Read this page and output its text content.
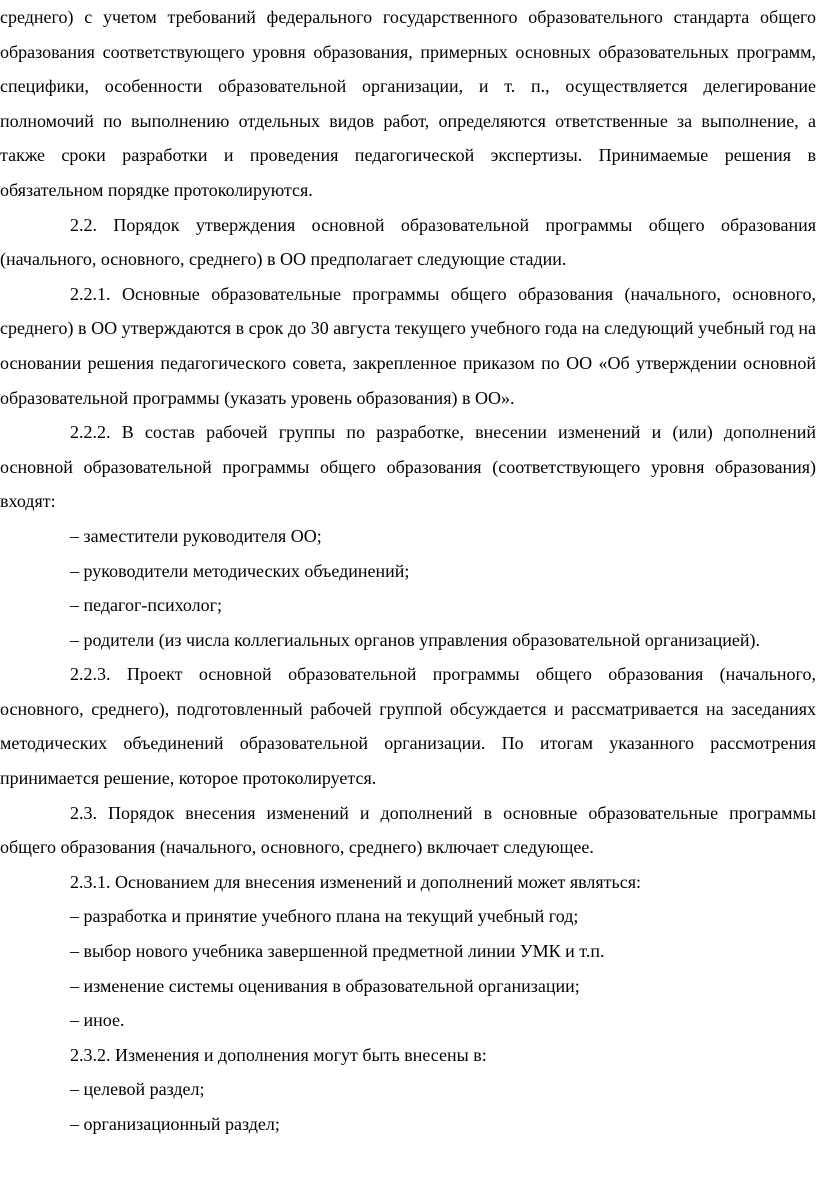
среднего) с учетом требований федерального государственного образовательного стандарта общего образования соответствующего уровня образования, примерных основных образовательных программ, специфики, особенности образовательной организации, и т. п., осуществляется делегирование полномочий по выполнению отдельных видов работ, определяются ответственные за выполнение, а также сроки разработки и проведения педагогической экспертизы. Принимаемые решения в обязательном порядке протоколируются.

2.2. Порядок утверждения основной образовательной программы общего образования (начального, основного, среднего) в ОО предполагает следующие стадии.

2.2.1. Основные образовательные программы общего образования (начального, основного, среднего) в ОО утверждаются в срок до 30 августа текущего учебного года на следующий учебный год на основании решения педагогического совета, закрепленное приказом по ОО «Об утверждении основной образовательной программы (указать уровень образования) в ОО».

2.2.2. В состав рабочей группы по разработке, внесении изменений и (или) дополнений основной образовательной программы общего образования (соответствующего уровня образования) входят:

– заместители руководителя ОО;

– руководители методических объединений;

– педагог-психолог;

– родители (из числа коллегиальных органов управления образовательной организацией).

2.2.3. Проект основной образовательной программы общего образования (начального, основного, среднего), подготовленный рабочей группой обсуждается и рассматривается на заседаниях методических объединений образовательной организации. По итогам указанного рассмотрения принимается решение, которое протоколируется.

2.3. Порядок внесения изменений и дополнений в основные образовательные программы общего образования (начального, основного, среднего) включает следующее.

2.3.1. Основанием для внесения изменений и дополнений может являться:

– разработка и принятие учебного плана на текущий учебный год;

– выбор нового учебника завершенной предметной линии УМК и т.п.

– изменение системы оценивания в образовательной организации;

– иное.

2.3.2. Изменения и дополнения могут быть внесены в:

– целевой раздел;

– организационный раздел;
